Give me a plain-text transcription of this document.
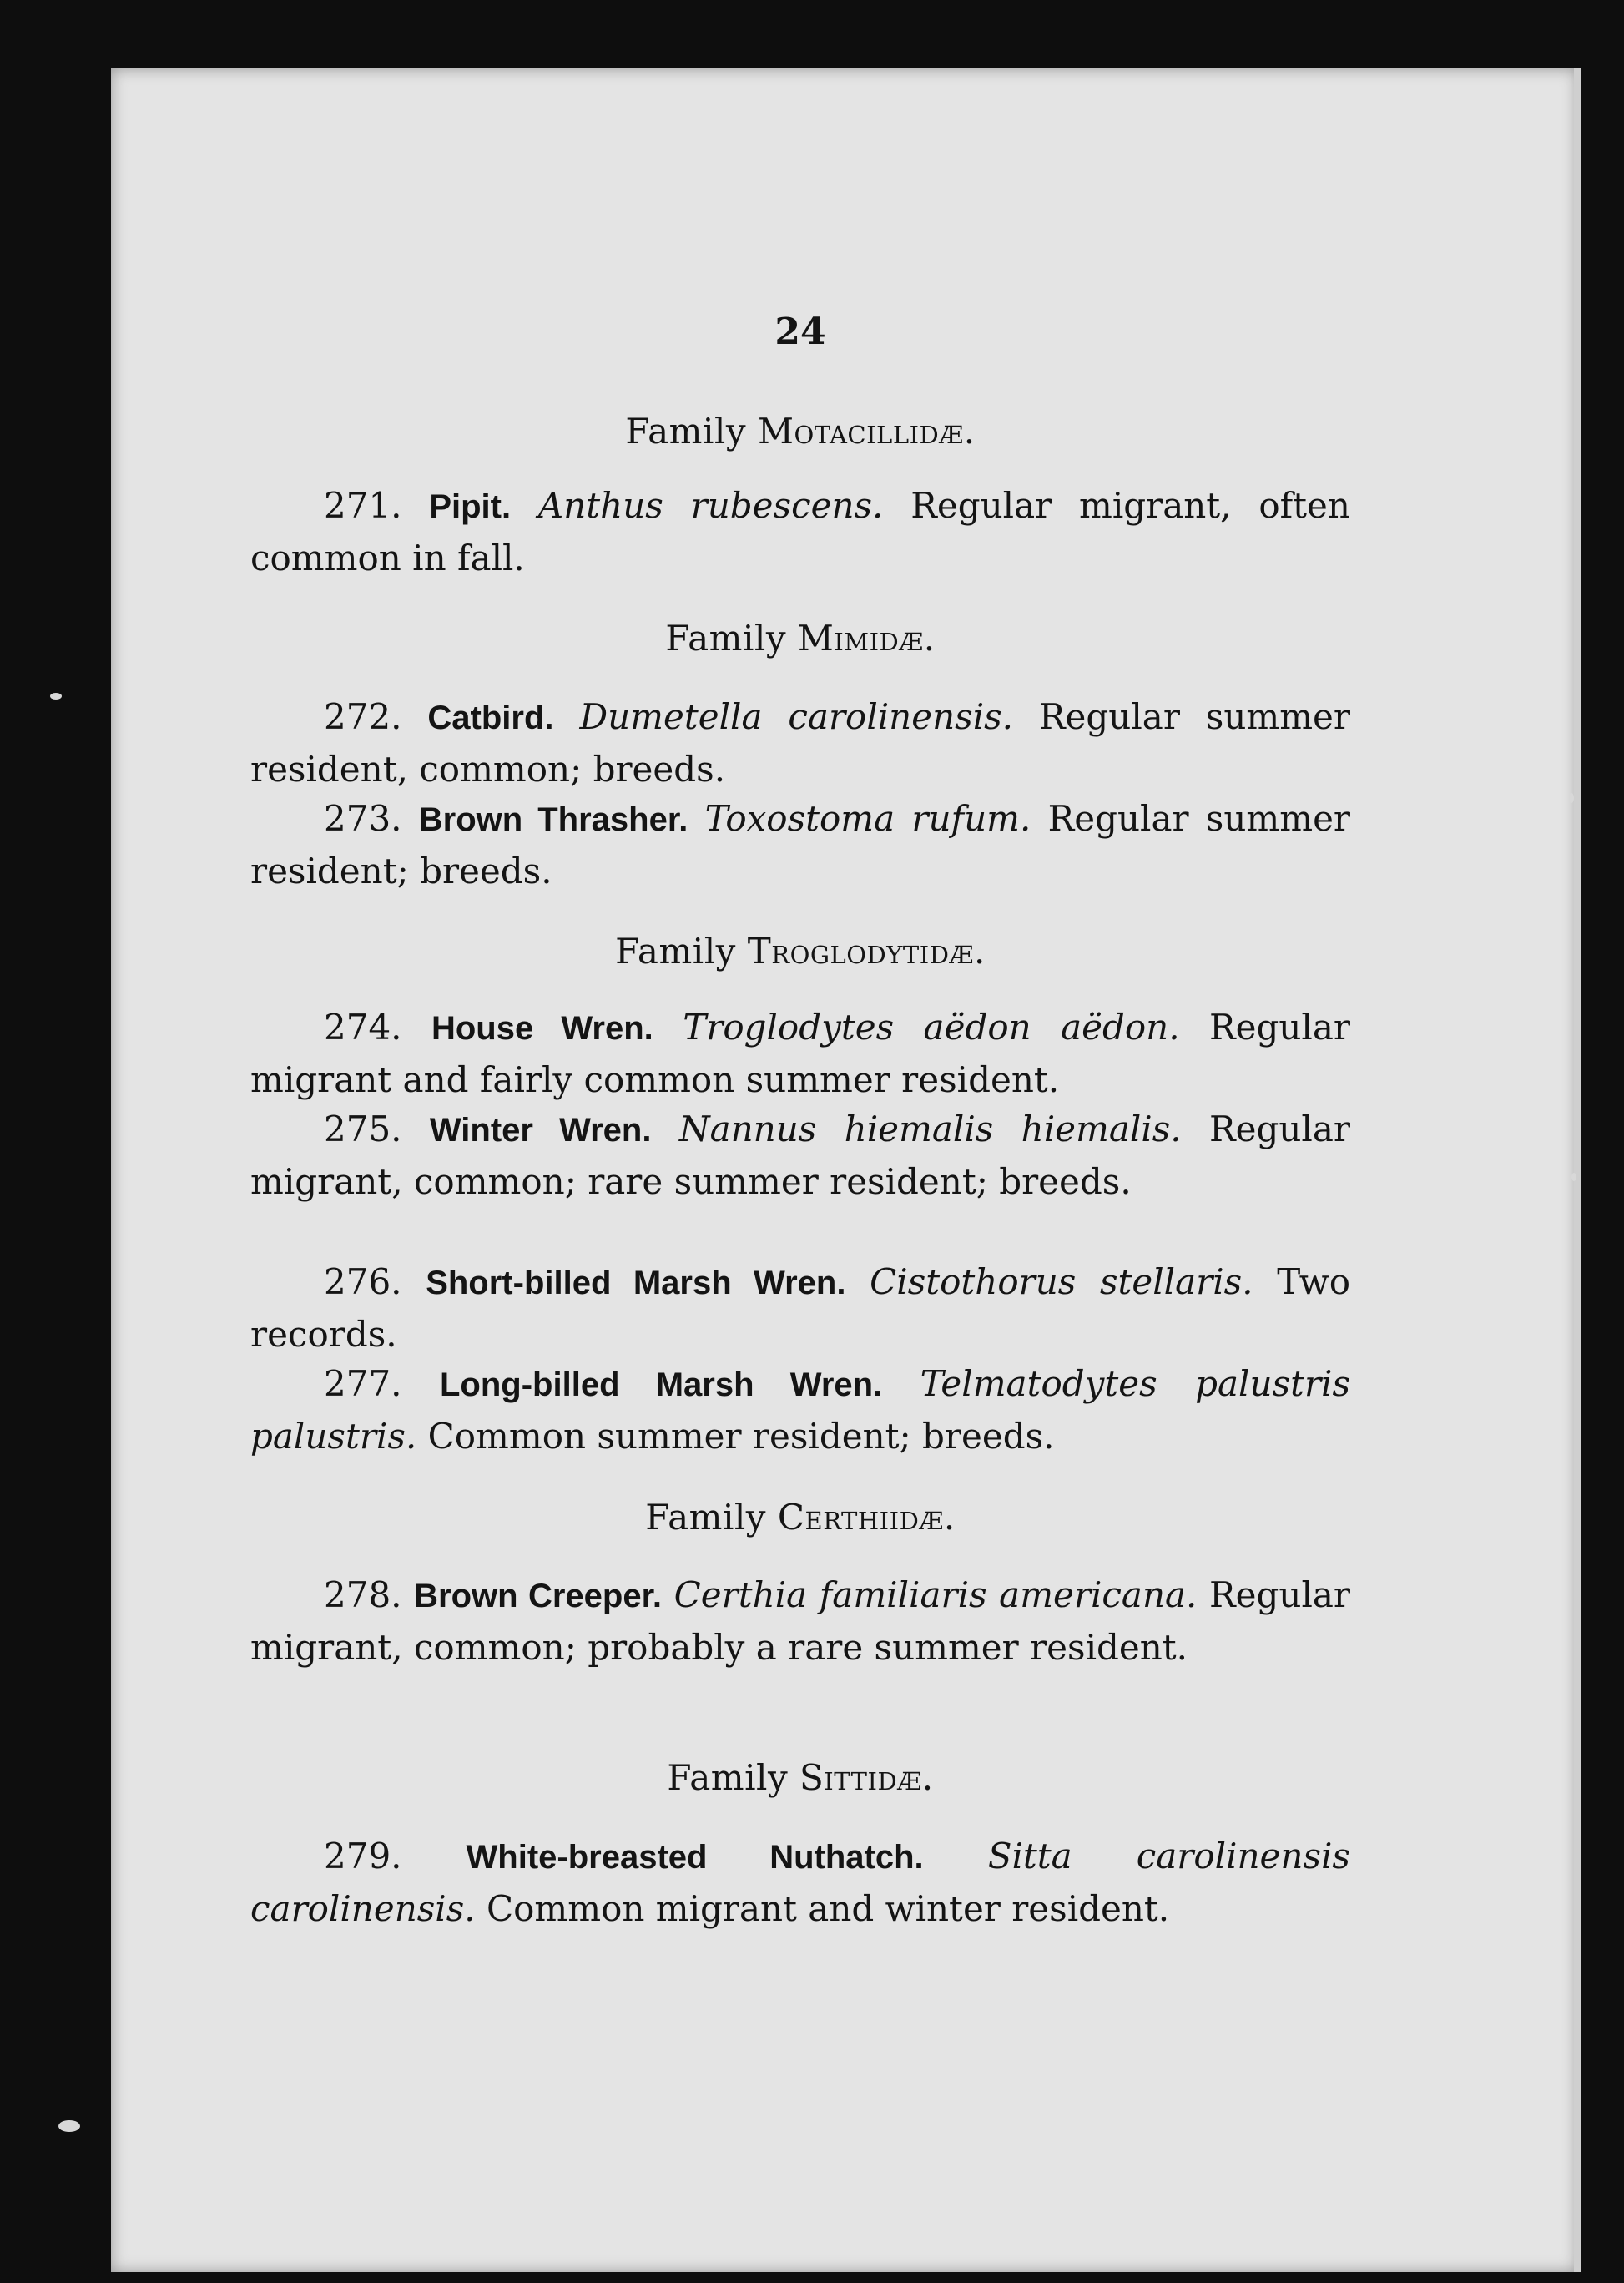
24
Family Motacillidæ.
271. Pipit. Anthus rubescens. Regular migrant, often common in fall.
Family Mimidæ.
272. Catbird. Dumetella carolinensis. Regular summer resident, common; breeds.
273. Brown Thrasher. Toxostoma rufum. Regular summer resident; breeds.
Family Troglodytidæ.
274. House Wren. Troglodytes aëdon aëdon. Regular migrant and fairly common summer resident.
275. Winter Wren. Nannus hiemalis hiemalis. Regular migrant, common; rare summer resident; breeds.
276. Short-billed Marsh Wren. Cistothorus stellaris. Two records.
277. Long-billed Marsh Wren. Telmatodytes palustris palustris. Common summer resident; breeds.
Family Certhiidæ.
278. Brown Creeper. Certhia familiaris americana. Regular migrant, common; probably a rare summer resident.
Family Sittidæ.
279. White-breasted Nuthatch. Sitta carolinensis carolinensis. Common migrant and winter resident.
